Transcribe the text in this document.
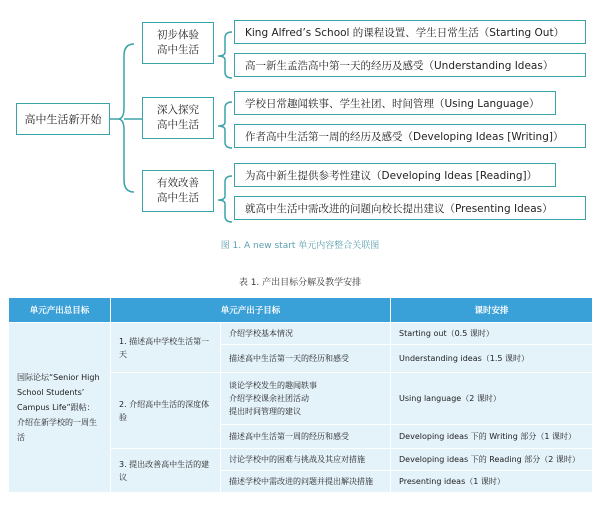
高中生活新开始
初步体验
高中生活
深入探究
高中生活
有效改善
高中生活
King Alfred’s School 的课程设置、学生日常生活（Starting Out）
高一新生孟浩高中第一天的经历及感受（Understanding Ideas）
学校日常趣闻轶事、学生社团、时间管理（Using Language）
作者高中生活第一周的经历及感受（Developing Ideas [Writing]）
为高中新生提供参考性建议（Developing Ideas [Reading]）
就高中生活中需改进的问题向校长提出建议（Presenting Ideas）
图 1. A new start 单元内容整合关联图
表 1. 产出目标分解及教学安排
单元产出总目标	单元产出子目标		课时安排
国际论坛“Senior High School Students’ Campus Life”跟帖：介绍在新学校的一周生活	1. 描述高中学校生活第一天	介绍学校基本情况	Starting out（0.5 课时）
		描述高中生活第一天的经历和感受	Understanding ideas（1.5 课时）
	2. 介绍高中生活的深度体验	谈论学校发生的趣闻轶事
介绍学校课余社团活动
提出时间管理的建议	Using language（2 课时）
		描述高中生活第一周的经历和感受	Developing ideas 下的 Writing 部分（1 课时）
	3. 提出改善高中生活的建议	讨论学校中的困难与挑战及其应对措施	Developing ideas 下的 Reading 部分（2 课时）
		描述学校中需改进的问题并提出解决措施	Presenting ideas（1 课时）
